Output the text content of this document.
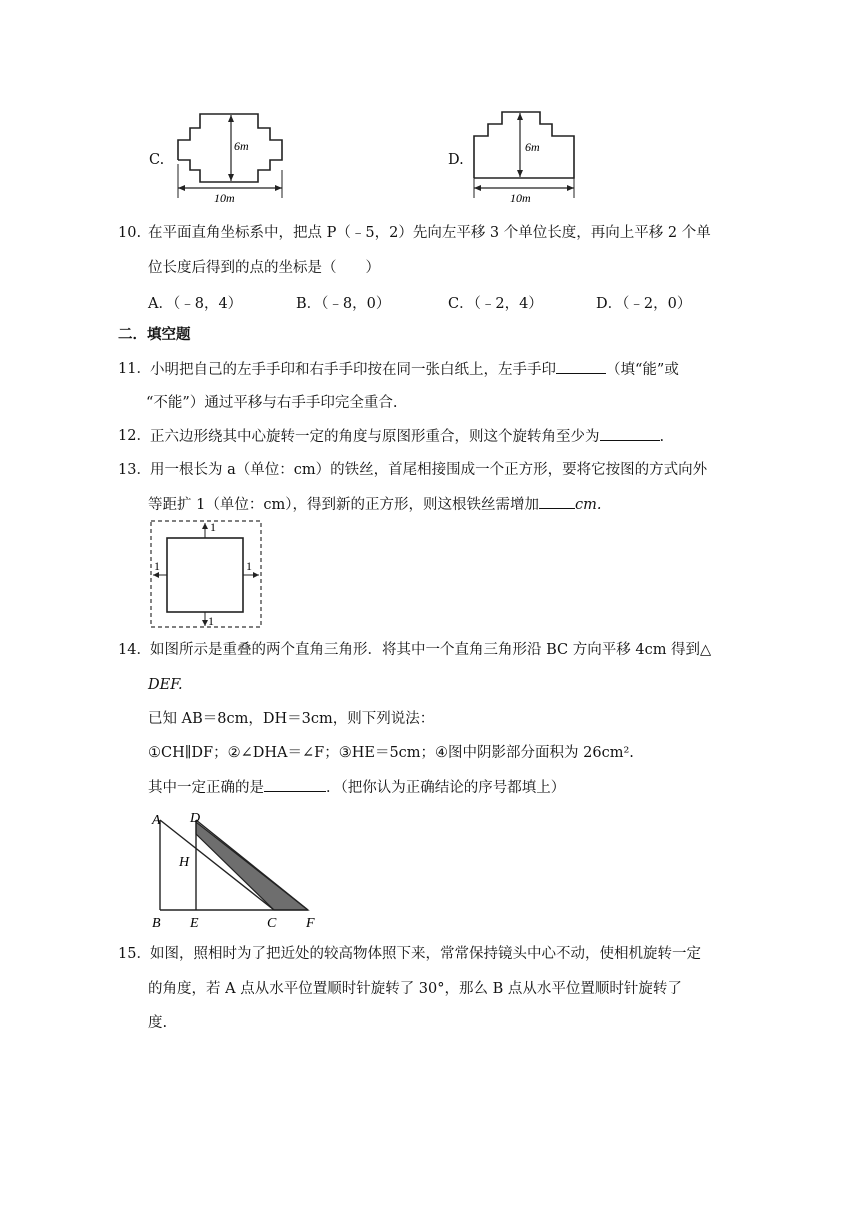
C.
6m
10m
D.
6m
10m
10. 在平面直角坐标系中，把点 P（﹣5，2）先向左平移 3 个单位长度，再向上平移 2 个单
位长度后得到的点的坐标是（　　）
A．（﹣8，4）	B．（﹣8，0）	C．（﹣2，4）	D．（﹣2，0）
二．填空题
11． 小明把自己的左手手印和右手手印按在同一张白纸上，左手手印	（填“能”或
“不能”）通过平移与右手手印完全重合.
12． 正六边形绕其中心旋转一定的角度与原图形重合，则这个旋转角至少为	.
13． 用一根长为 a（单位：cm）的铁丝，首尾相接围成一个正方形，要将它按图的方式向外
等距扩 1（单位：cm），得到新的正方形，则这根铁丝需增加 cm.
1
1	1
1
14． 如图所示是重叠的两个直角三角形．将其中一个直角三角形沿 BC 方向平移 4cm 得到△
DEF.
已知 AB＝8cm，DH＝3cm，则下列说法：
①CH∥DF；②∠DHA＝∠F；③HE＝5cm；④图中阴影部分面积为 26cm².
其中一定正确的是	．（把你认为正确结论的序号都填上）
A D
H
B E	C F
15． 如图，照相时为了把近处的较高物体照下来，常常保持镜头中心不动，使相机旋转一定
的角度，若 A 点从水平位置顺时针旋转了 30°，那么 B 点从水平位置顺时针旋转了
度.
